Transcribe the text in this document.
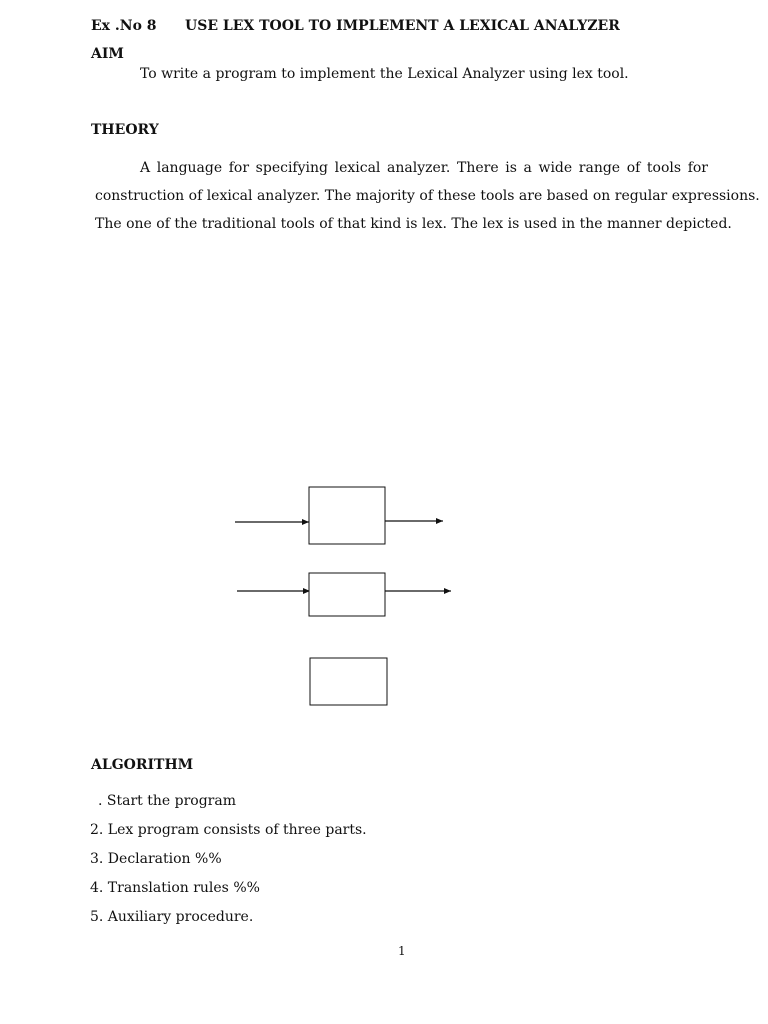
Ex .No 8 USE LEX TOOL TO IMPLEMENT A LEXICAL ANALYZER
AIM
To write a program to implement the Lexical Analyzer using lex tool.
THEORY
A language for specifying lexical analyzer. There is a wide range of tools for
construction of lexical analyzer. The majority of these tools are based on regular expressions.
The one of the traditional tools of that kind is lex. The lex is used in the manner depicted.
ALGORITHM
. Start the program
2. Lex program consists of three parts.
3. Declaration %%
4. Translation rules %%
5. Auxiliary procedure.
1
